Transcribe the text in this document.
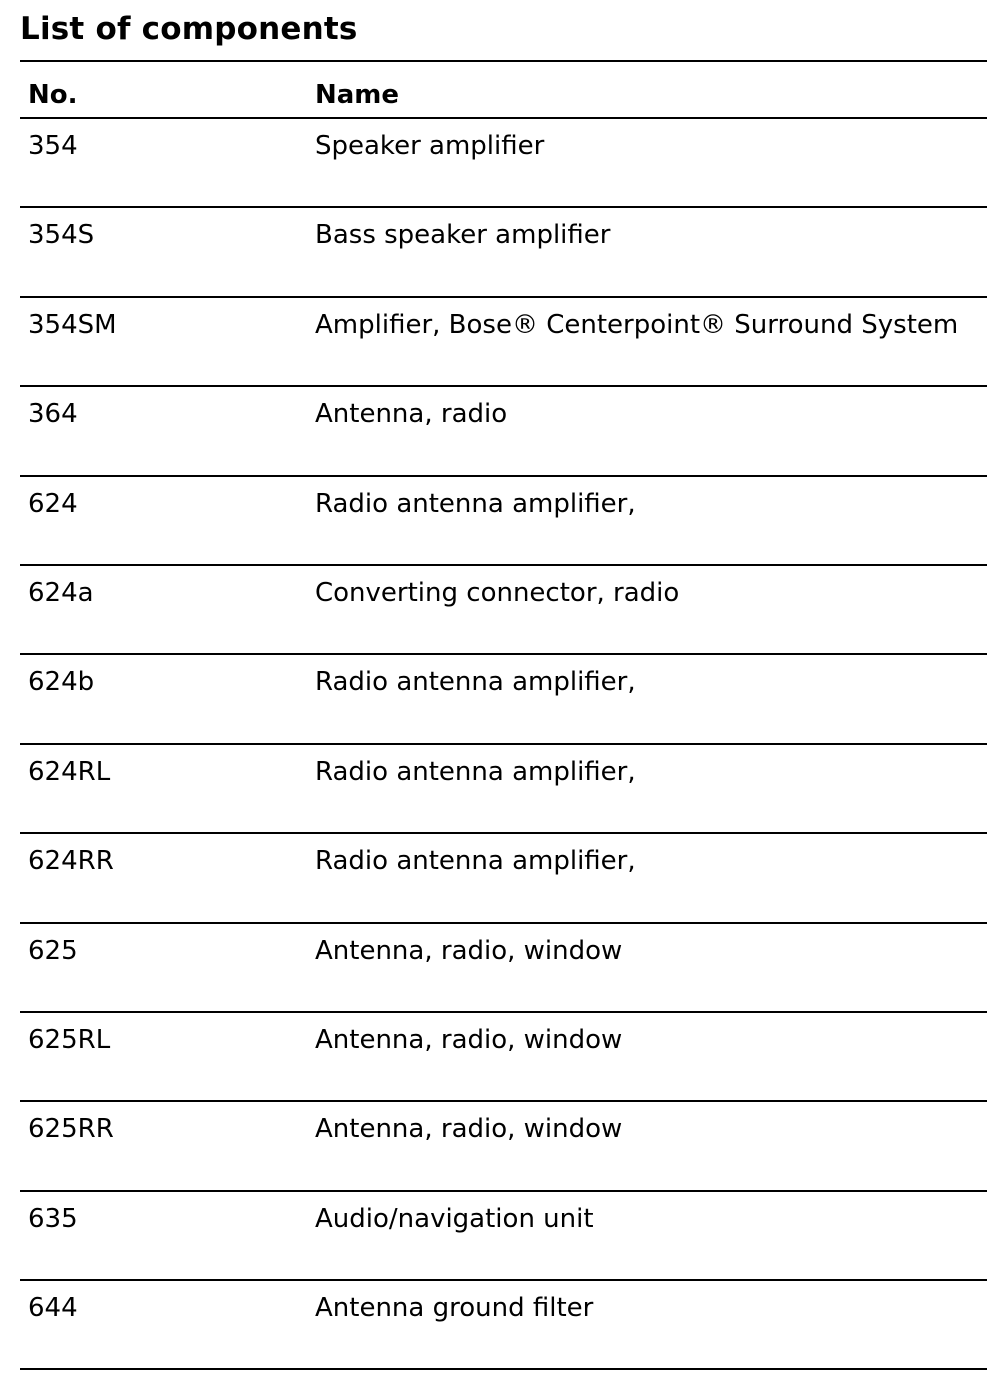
List of components
No.	Name
354	Speaker amplifier
354S	Bass speaker amplifier
354SM	Amplifier, Bose® Centerpoint® Surround System
364	Antenna, radio
624	Radio antenna amplifier,
624a	Converting connector, radio
624b	Radio antenna amplifier,
624RL	Radio antenna amplifier,
624RR	Radio antenna amplifier,
625	Antenna, radio, window
625RL	Antenna, radio, window
625RR	Antenna, radio, window
635	Audio/navigation unit
644	Antenna ground filter
